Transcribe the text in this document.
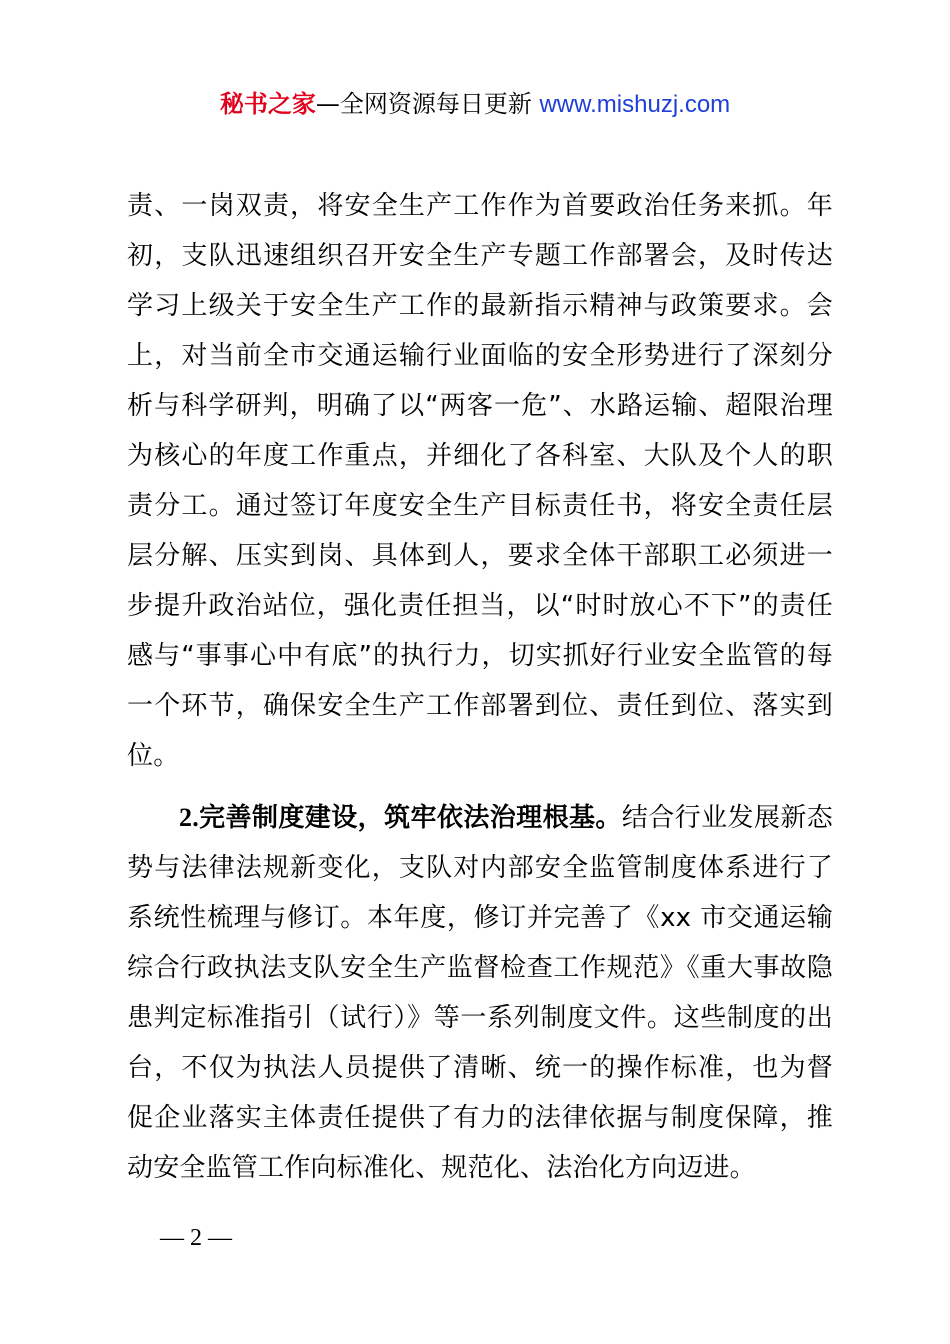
秘书之家—全网资源每日更新 www.mishuzj.com

责、一岗双责，将安全生产工作作为首要政治任务来抓。年初，支队迅速组织召开安全生产专题工作部署会，及时传达学习上级关于安全生产工作的最新指示精神与政策要求。会上，对当前全市交通运输行业面临的安全形势进行了深刻分析与科学研判，明确了以“两客一危”、水路运输、超限治理为核心的年度工作重点，并细化了各科室、大队及个人的职责分工。通过签订年度安全生产目标责任书，将安全责任层层分解、压实到岗、具体到人，要求全体干部职工必须进一步提升政治站位，强化责任担当，以“时时放心不下”的责任感与“事事心中有底”的执行力，切实抓好行业安全监管的每一个环节，确保安全生产工作部署到位、责任到位、落实到位。

2.完善制度建设，筑牢依法治理根基。结合行业发展新态势与法律法规新变化，支队对内部安全监管制度体系进行了系统性梳理与修订。本年度，修订并完善了《xx 市交通运输综合行政执法支队安全生产监督检查工作规范》《重大事故隐患判定标准指引（试行）》等一系列制度文件。这些制度的出台，不仅为执法人员提供了清晰、统一的操作标准，也为督促企业落实主体责任提供了有力的法律依据与制度保障，推动安全监管工作向标准化、规范化、法治化方向迈进。

— 2 —
